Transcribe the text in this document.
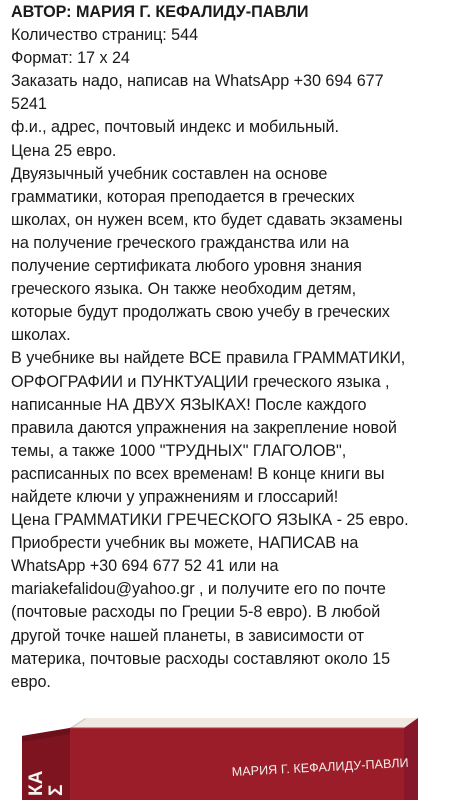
АВТОР: МАРИЯ Г. КЕФАЛИДУ-ПАВЛИ
Количество страниц: 544
Формат: 17 х 24
Заказать надо, написав на WhatsApp +30 694 677
5241
ф.и., адрес, почтовый индекс и мобильный.
Цена 25 евро.
Двуязычный учебник составлен на основе
грамматики, которая преподается в греческих
школах, он нужен всем, кто будет сдавать экзамены
на получение греческого гражданства или на
получение сертификата любого уровня знания
греческого языка. Он также необходим детям,
которые будут продолжать свою учебу в греческих
школах.
В учебнике вы найдете ВСЕ правила ГРАММАТИКИ,
ОРФОГРАФИИ и ПУНКТУАЦИИ греческого языка ,
написанные НА ДВУХ ЯЗЫКАХ! После каждого
правила даются упражнения на закрепление новой
темы, а также 1000 "ТРУДНЫХ" ГЛАГОЛОВ",
расписанных по всех временам! В конце книги вы
найдете ключи у упражнениям и глоссарий!
Цена ГРАММАТИКИ ГРЕЧЕСКОГО ЯЗЫКА - 25 евро.
Приобрести учебник вы можете, НАПИСАВ на
WhatsApp +30 694 677 52 41 или на
mariakefalidou@yahoo.gr , и получите его по почте
(почтовые расходы по Греции 5-8 евро). В любой
другой точке нашей планеты, в зависимости от
материка, почтовые расходы составляют около 15
евро.
МАРИЯ Г. КЕФАЛИДУ-ПАВЛИ
КА Σ
